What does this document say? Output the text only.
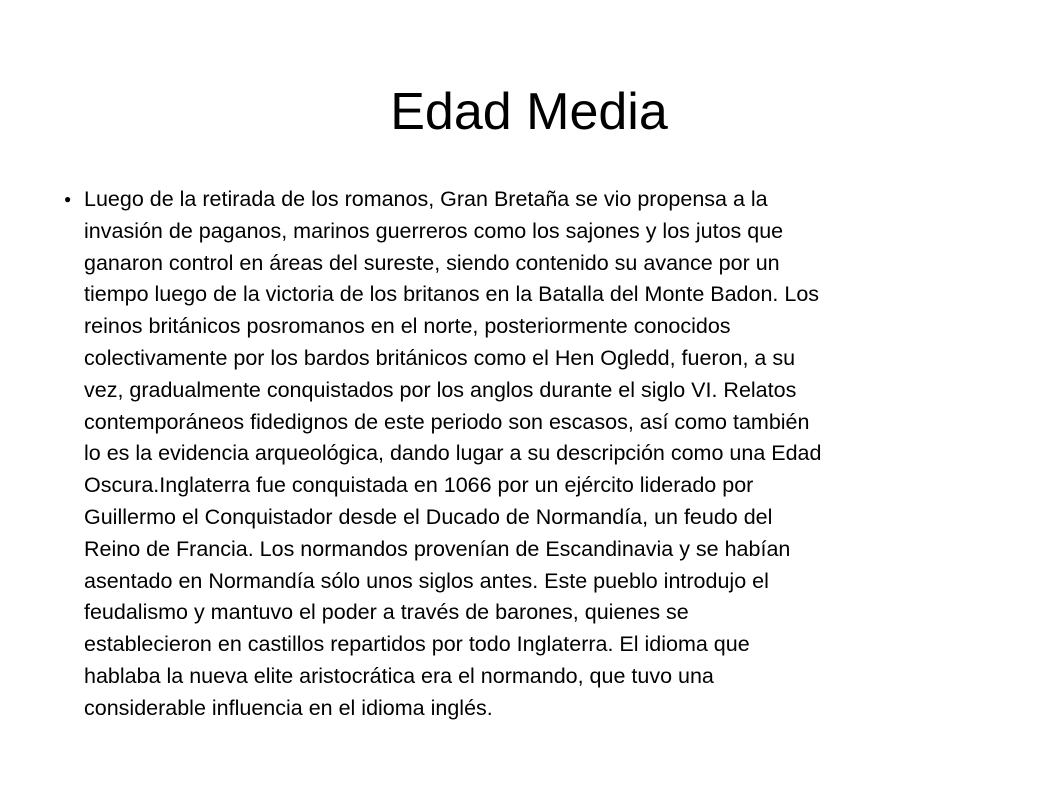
Edad Media
● Luego de la retirada de los romanos, Gran Bretaña se vio propensa a la
invasión de paganos, marinos guerreros como los sajones y los jutos que
ganaron control en áreas del sureste, siendo contenido su avance por un
tiempo luego de la victoria de los britanos en la Batalla del Monte Badon. Los
reinos británicos posromanos en el norte, posteriormente conocidos
colectivamente por los bardos británicos como el Hen Ogledd, fueron, a su
vez, gradualmente conquistados por los anglos durante el siglo VI. Relatos
contemporáneos fidedignos de este periodo son escasos, así como también
lo es la evidencia arqueológica, dando lugar a su descripción como una Edad
Oscura.Inglaterra fue conquistada en 1066 por un ejército liderado por
Guillermo el Conquistador desde el Ducado de Normandía, un feudo del
Reino de Francia. Los normandos provenían de Escandinavia y se habían
asentado en Normandía sólo unos siglos antes. Este pueblo introdujo el
feudalismo y mantuvo el poder a través de barones, quienes se
establecieron en castillos repartidos por todo Inglaterra. El idioma que
hablaba la nueva elite aristocrática era el normando, que tuvo una
considerable influencia en el idioma inglés.
